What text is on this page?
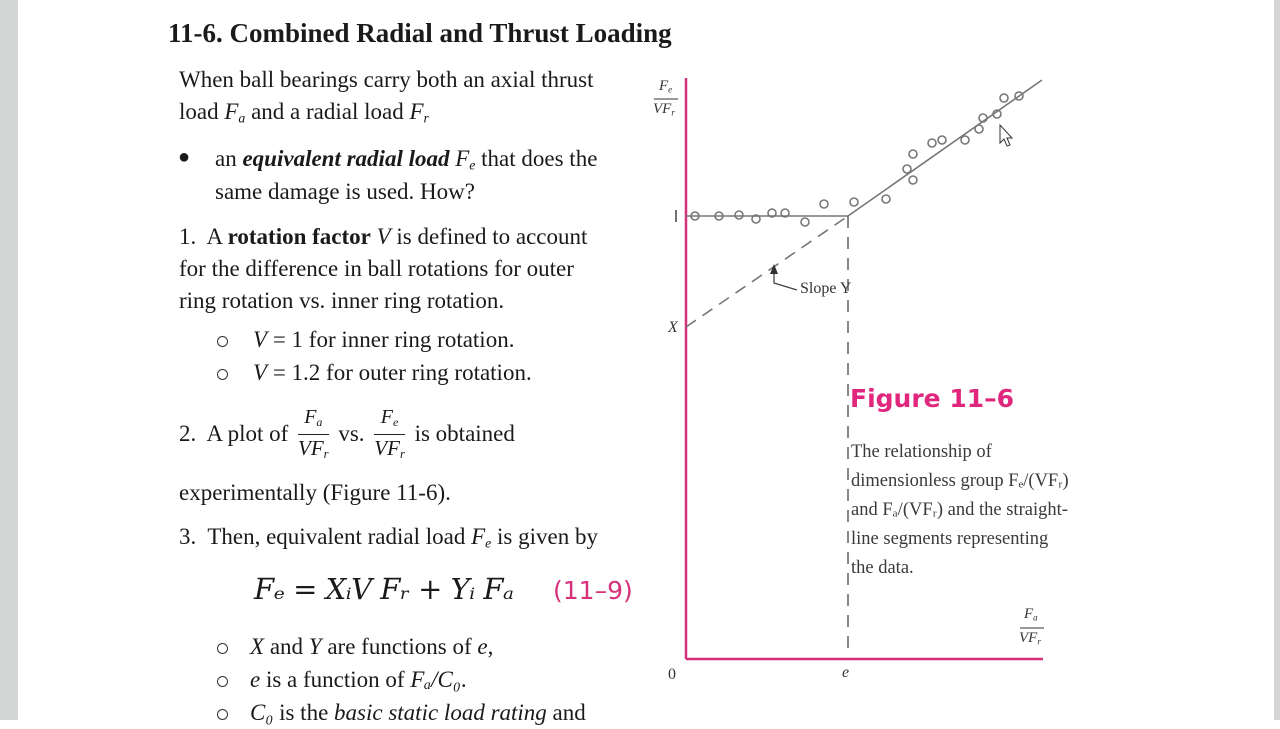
11-6. Combined Radial and Thrust Loading
When ball bearings carry both an axial thrust
load $F_a$ and a radial load $F_r$
● an equivalent radial load $F_e$ that does the
same damage is used. How?
1. A rotation factor V is defined to account
for the difference in ball rotations for outer
ring rotation vs. inner ring rotation.
V = 1 for inner ring rotation.
V = 1.2 for outer ring rotation.
2. A plot of $\frac{F_a}{VF_r}$ vs. $\frac{F_e}{VF_r}$ is obtained
experimentally (Figure 11-6).
3. Then, equivalent radial load $F_e$ is given by
Fₑ = XᵢV Fᵣ + Yᵢ Fₐ (11–9)
X and Y are functions of e,
e is a function of Fₐ/C₀.
C₀ is the basic static load rating and
$F_e$
$VF_r$
X
0	e
Slope Y
$F_a$
$VF_r$
Figure 11–6
The relationship of
dimensionless group Fₑ/(VFᵣ)
and Fₐ/(VFᵣ) and the straight-
line segments representing
the data.
